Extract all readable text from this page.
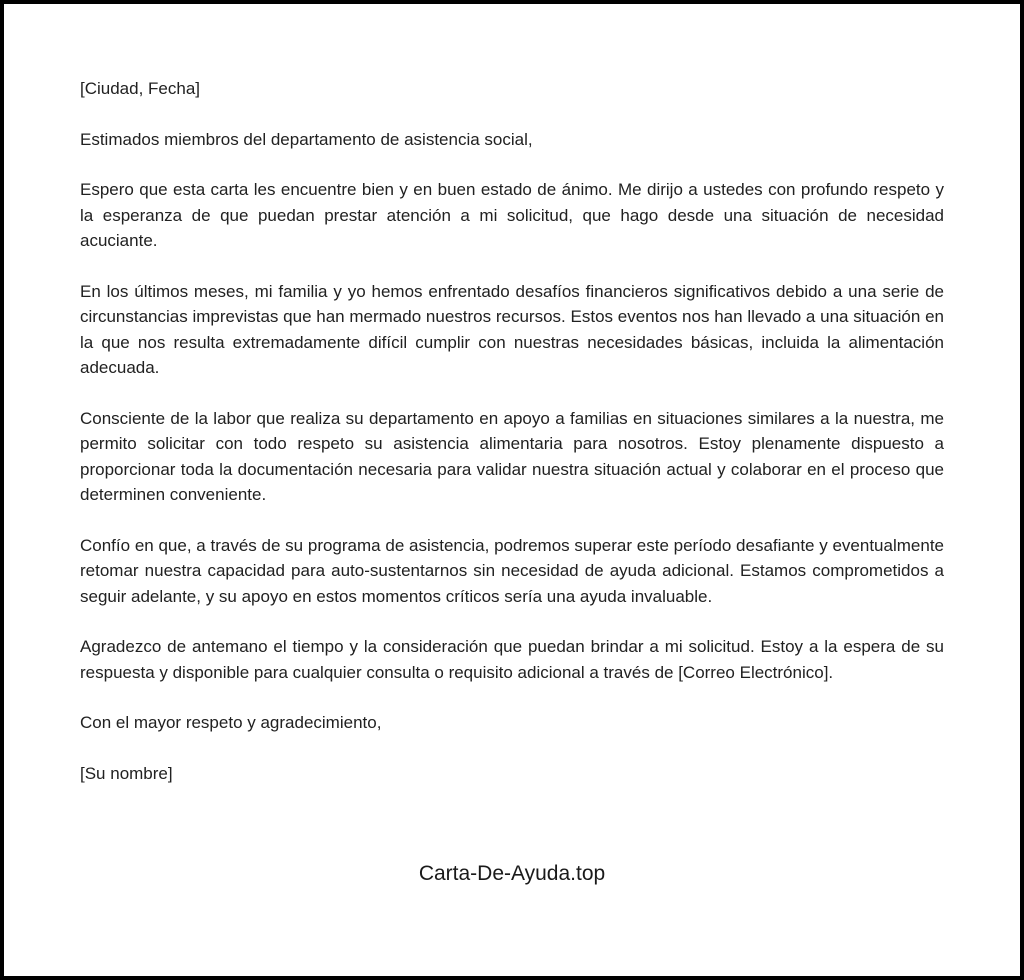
[Ciudad, Fecha]

Estimados miembros del departamento de asistencia social,

Espero que esta carta les encuentre bien y en buen estado de ánimo. Me dirijo a ustedes con profundo respeto y la esperanza de que puedan prestar atención a mi solicitud, que hago desde una situación de necesidad acuciante.

En los últimos meses, mi familia y yo hemos enfrentado desafíos financieros significativos debido a una serie de circunstancias imprevistas que han mermado nuestros recursos. Estos eventos nos han llevado a una situación en la que nos resulta extremadamente difícil cumplir con nuestras necesidades básicas, incluida la alimentación adecuada.

Consciente de la labor que realiza su departamento en apoyo a familias en situaciones similares a la nuestra, me permito solicitar con todo respeto su asistencia alimentaria para nosotros. Estoy plenamente dispuesto a proporcionar toda la documentación necesaria para validar nuestra situación actual y colaborar en el proceso que determinen conveniente.

Confío en que, a través de su programa de asistencia, podremos superar este período desafiante y eventualmente retomar nuestra capacidad para auto-sustentarnos sin necesidad de ayuda adicional. Estamos comprometidos a seguir adelante, y su apoyo en estos momentos críticos sería una ayuda invaluable.

Agradezco de antemano el tiempo y la consideración que puedan brindar a mi solicitud. Estoy a la espera de su respuesta y disponible para cualquier consulta o requisito adicional a través de [Correo Electrónico].

Con el mayor respeto y agradecimiento,

[Su nombre]

Carta-De-Ayuda.top
